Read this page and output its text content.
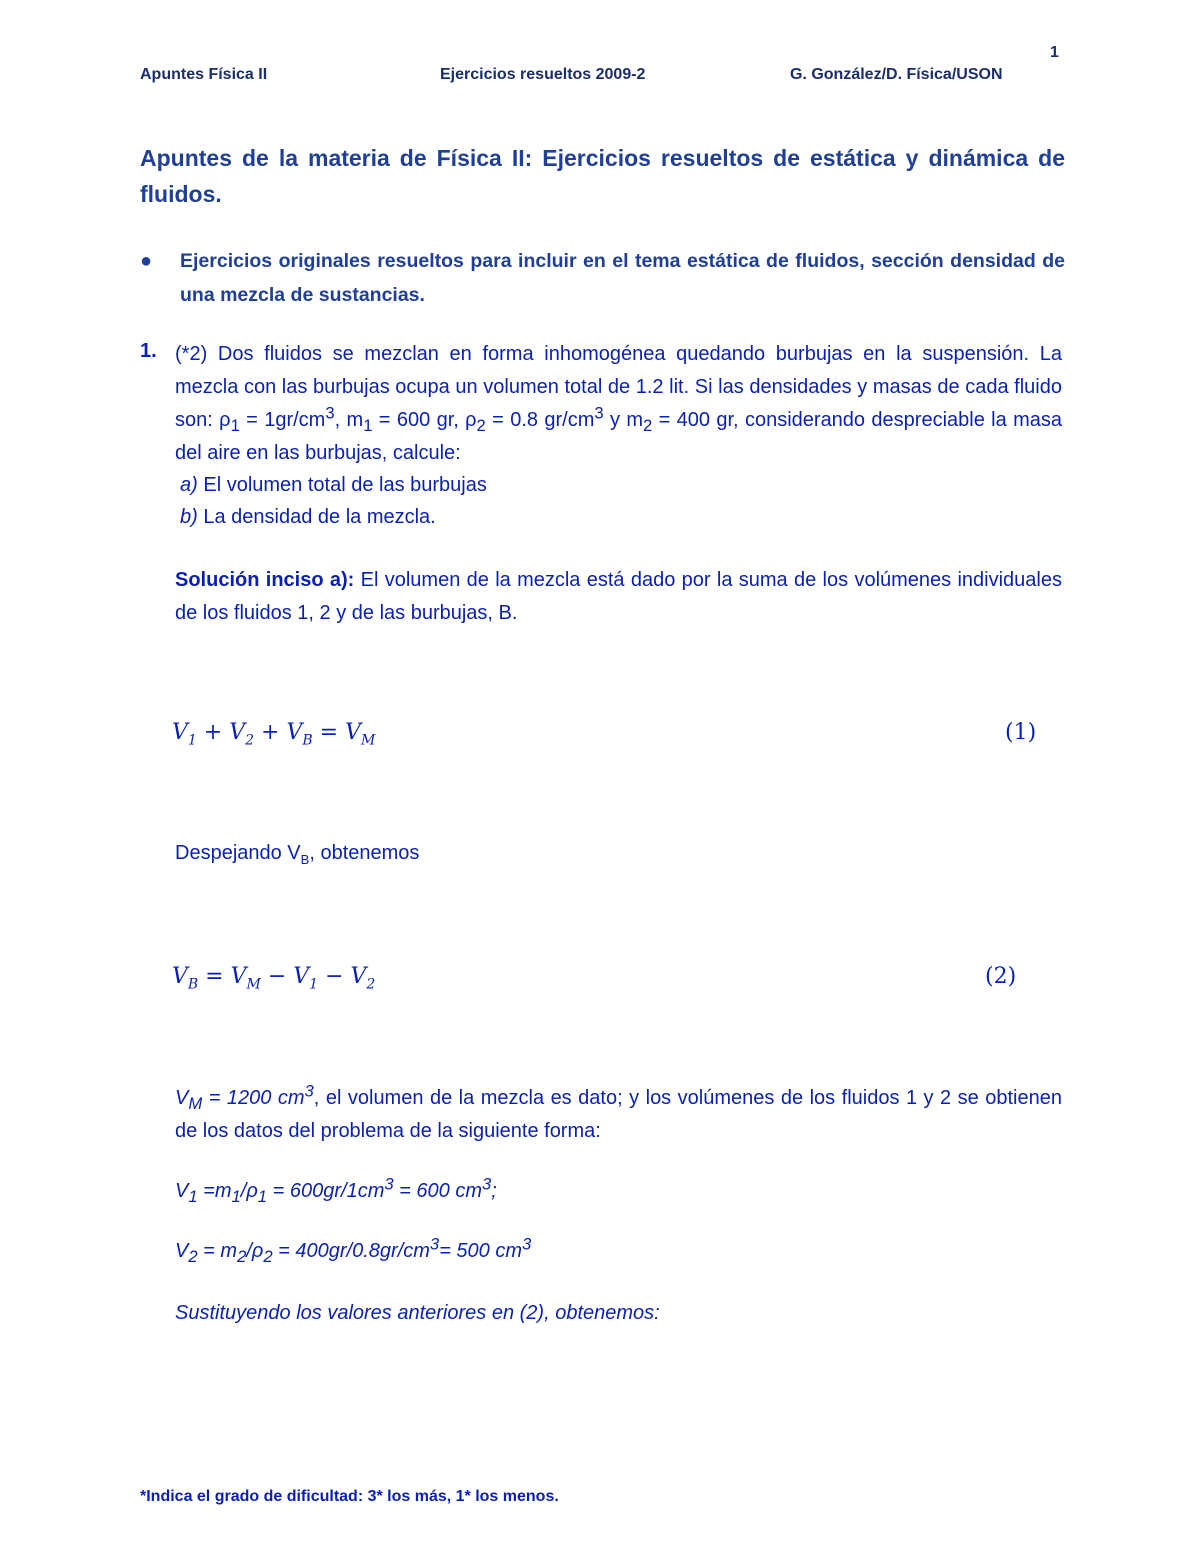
1
Apuntes Física II	Ejercicios resueltos 2009-2	G. González/D. Física/USON
Apuntes de la materia de Física II: Ejercicios resueltos de estática y dinámica de fluidos.
● Ejercicios originales resueltos para incluir en el tema estática de fluidos, sección densidad de una mezcla de sustancias.
1. (*2) Dos fluidos se mezclan en forma inhomogénea quedando burbujas en la suspensión. La mezcla con las burbujas ocupa un volumen total de 1.2 lit. Si las densidades y masas de cada fluido son: $\rho_1 = 1gr/cm^3$, $m_1 = 600$ gr, $\rho_2 = 0.8$ $gr/cm^3$ y $m_2 = 400$ gr, considerando despreciable la masa del aire en las burbujas, calcule:
a) El volumen total de las burbujas
b) La densidad de la mezcla.
Solución inciso a): El volumen de la mezcla está dado por la suma de los volúmenes individuales de los fluidos 1, 2 y de las burbujas, B.
$V_1 + V_2 + V_B = V_M$	(1)
Despejando $V_B$, obtenemos
$V_B = V_M - V_1 - V_2$	(2)
$V_M = 1200$ $cm^3$, el volumen de la mezcla es dato; y los volúmenes de los fluidos 1 y 2 se obtienen de los datos del problema de la siguiente forma:
$V_1 =m_1/\rho_1 = 600gr/1cm^3 = 600$ $cm^3$;
$V_2 = m_2/\rho_2 = 400gr/0.8gr/cm^3= 500$ $cm^3$
Sustituyendo los valores anteriores en (2), obtenemos:
*Indica el grado de dificultad: 3* los más, 1* los menos.
